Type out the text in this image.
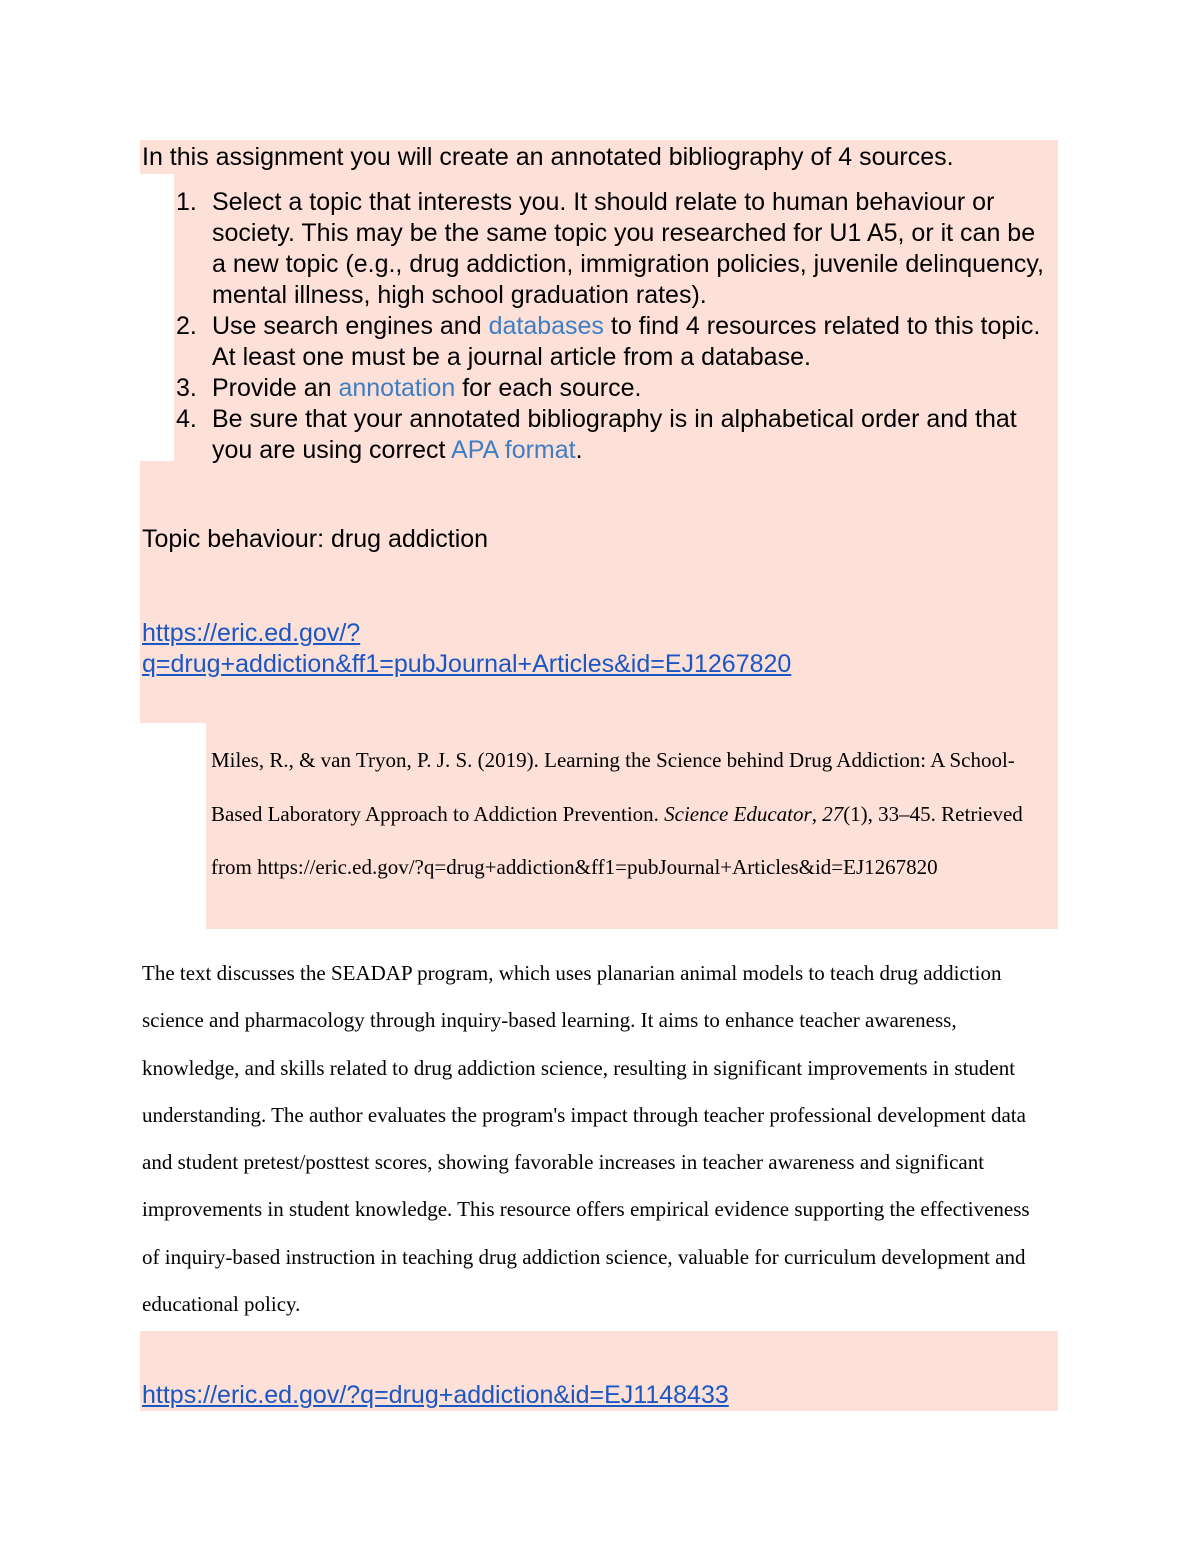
In this assignment you will create an annotated bibliography of 4 sources.
1. Select a topic that interests you. It should relate to human behaviour or society. This may be the same topic you researched for U1 A5, or it can be a new topic (e.g., drug addiction, immigration policies, juvenile delinquency, mental illness, high school graduation rates).
2. Use search engines and databases to find 4 resources related to this topic. At least one must be a journal article from a database.
3. Provide an annotation for each source.
4. Be sure that your annotated bibliography is in alphabetical order and that you are using correct APA format.
Topic behaviour: drug addiction
https://eric.ed.gov/?
q=drug+addiction&ff1=pubJournal+Articles&id=EJ1267820
Miles, R., & van Tryon, P. J. S. (2019). Learning the Science behind Drug Addiction: A School-Based Laboratory Approach to Addiction Prevention. Science Educator, 27(1), 33–45. Retrieved from https://eric.ed.gov/?q=drug+addiction&ff1=pubJournal+Articles&id=EJ1267820
The text discusses the SEADAP program, which uses planarian animal models to teach drug addiction science and pharmacology through inquiry-based learning. It aims to enhance teacher awareness, knowledge, and skills related to drug addiction science, resulting in significant improvements in student understanding. The author evaluates the program's impact through teacher professional development data and student pretest/posttest scores, showing favorable increases in teacher awareness and significant improvements in student knowledge. This resource offers empirical evidence supporting the effectiveness of inquiry-based instruction in teaching drug addiction science, valuable for curriculum development and educational policy.
https://eric.ed.gov/?q=drug+addiction&id=EJ1148433
